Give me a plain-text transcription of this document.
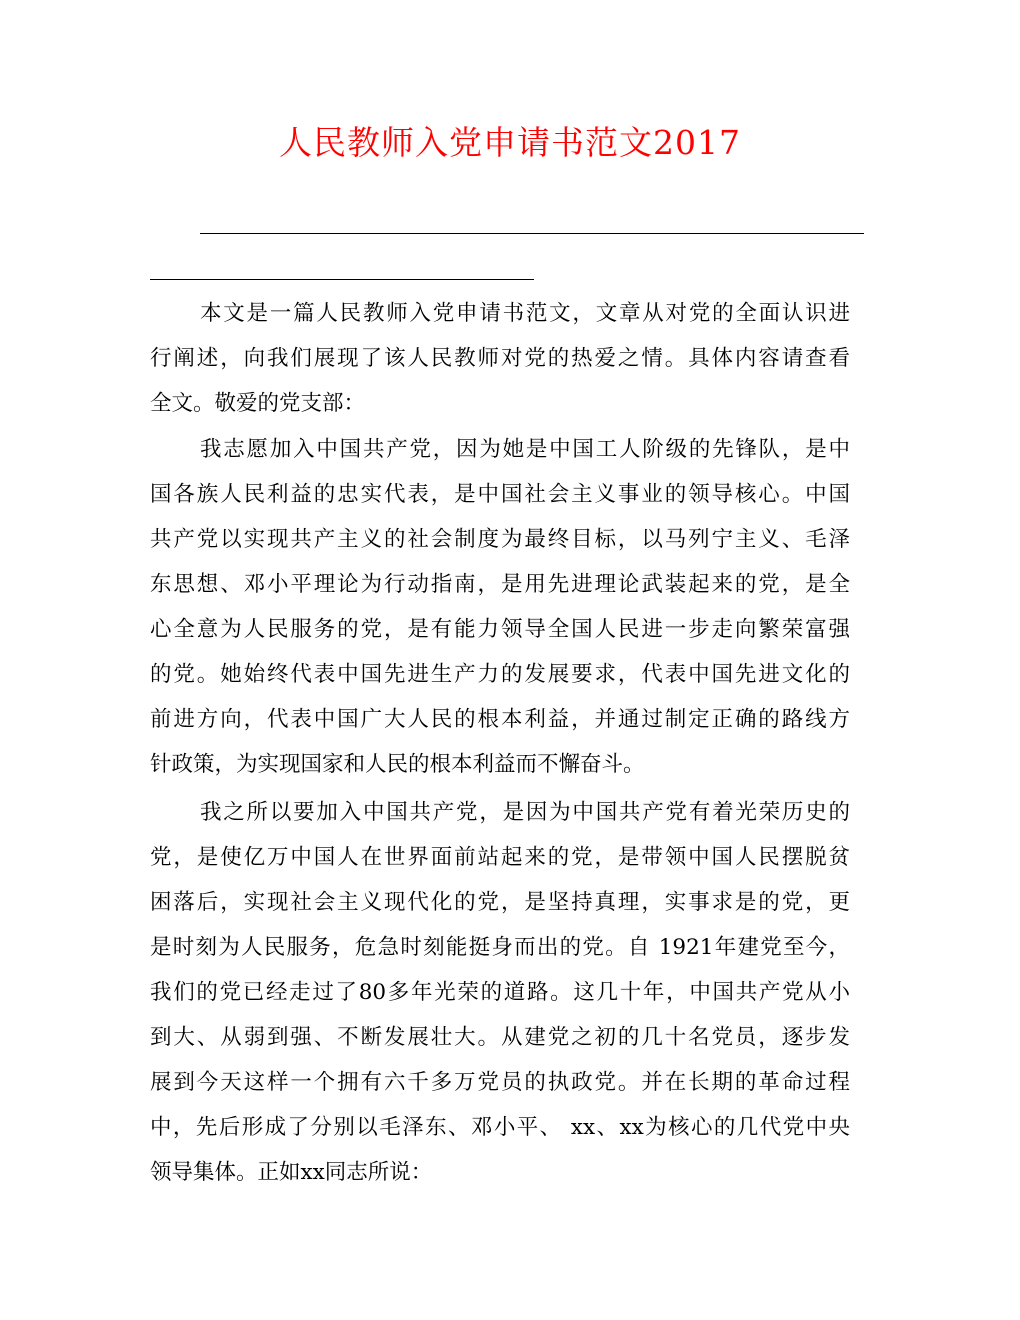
人民教师入党申请书范文2017
本文是一篇人民教师入党申请书范文，文章从对党的全面认识进
行阐述，向我们展现了该人民教师对党的热爱之情。具体内容请查看
全文。敬爱的党支部：
我志愿加入中国共产党，因为她是中国工人阶级的先锋队，是中
国各族人民利益的忠实代表，是中国社会主义事业的领导核心。中国
共产党以实现共产主义的社会制度为最终目标，以马列宁主义、毛泽
东思想、邓小平理论为行动指南，是用先进理论武装起来的党，是全
心全意为人民服务的党，是有能力领导全国人民进一步走向繁荣富强
的党。她始终代表中国先进生产力的发展要求，代表中国先进文化的
前进方向，代表中国广大人民的根本利益，并通过制定正确的路线方
针政策，为实现国家和人民的根本利益而不懈奋斗。
我之所以要加入中国共产党，是因为中国共产党有着光荣历史的
党，是使亿万中国人在世界面前站起来的党，是带领中国人民摆脱贫
困落后，实现社会主义现代化的党，是坚持真理，实事求是的党，更
是时刻为人民服务，危急时刻能挺身而出的党。自 1921年建党至今，
我们的党已经走过了80多年光荣的道路。这几十年，中国共产党从小
到大、从弱到强、不断发展壮大。从建党之初的几十名党员，逐步发
展到今天这样一个拥有六千多万党员的执政党。并在长期的革命过程
中，先后形成了分别以毛泽东、邓小平、 xx、xx为核心的几代党中央
领导集体。正如xx同志所说：
